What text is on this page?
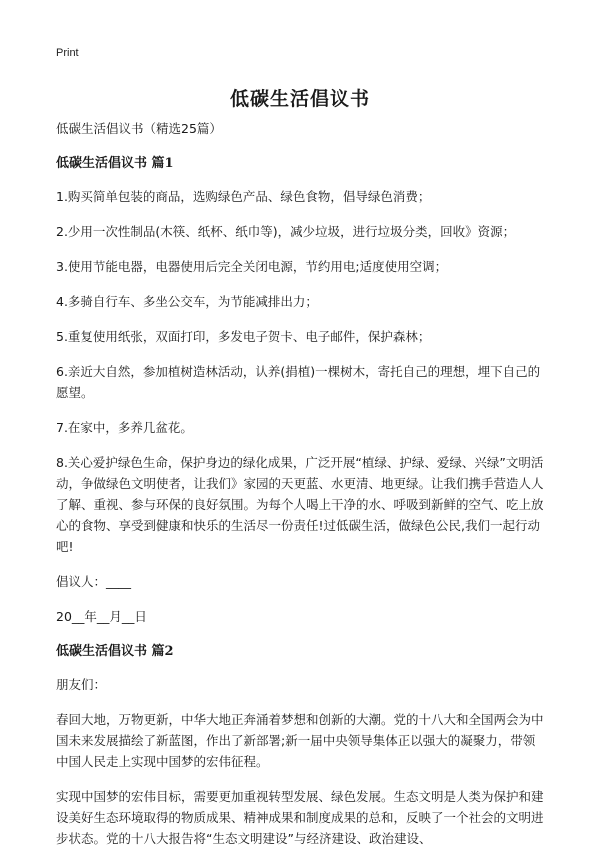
Print
低碳生活倡议书
低碳生活倡议书（精选25篇）
低碳生活倡议书 篇1
1.购买简单包装的商品，选购绿色产品、绿色食物，倡导绿色消费；
2.少用一次性制品(木筷、纸杯、纸巾等)，减少垃圾，进行垃圾分类，回收》资源；
3.使用节能电器，电器使用后完全关闭电源，节约用电;适度使用空调；
4.多骑自行车、多坐公交车，为节能减排出力；
5.重复使用纸张，双面打印，多发电子贺卡、电子邮件，保护森林；
6.亲近大自然，参加植树造林活动，认养(捐植)一棵树木，寄托自己的理想，埋下自己的愿望。
7.在家中，多养几盆花。
8.关心爱护绿色生命，保护身边的绿化成果，广泛开展“植绿、护绿、爱绿、兴绿”文明活动，争做绿色文明使者，让我们》家园的天更蓝、水更清、地更绿。让我们携手营造人人了解、重视、参与环保的良好氛围。为每个人喝上干净的水、呼吸到新鲜的空气、吃上放心的食物、享受到健康和快乐的生活尽一份责任!过低碳生活，做绿色公民,我们一起行动吧!
倡议人：____
20__年__月__日
低碳生活倡议书 篇2
朋友们：
春回大地，万物更新，中华大地正奔涌着梦想和创新的大潮。党的十八大和全国两会为中国未来发展描绘了新蓝图，作出了新部署;新一届中央领导集体正以强大的凝聚力，带领中国人民走上实现中国梦的宏伟征程。
实现中国梦的宏伟目标，需要更加重视转型发展、绿色发展。生态文明是人类为保护和建设美好生态环境取得的物质成果、精神成果和制度成果的总和，反映了一个社会的文明进步状态。党的十八大报告将“生态文明建设”与经济建设、政治建设、
